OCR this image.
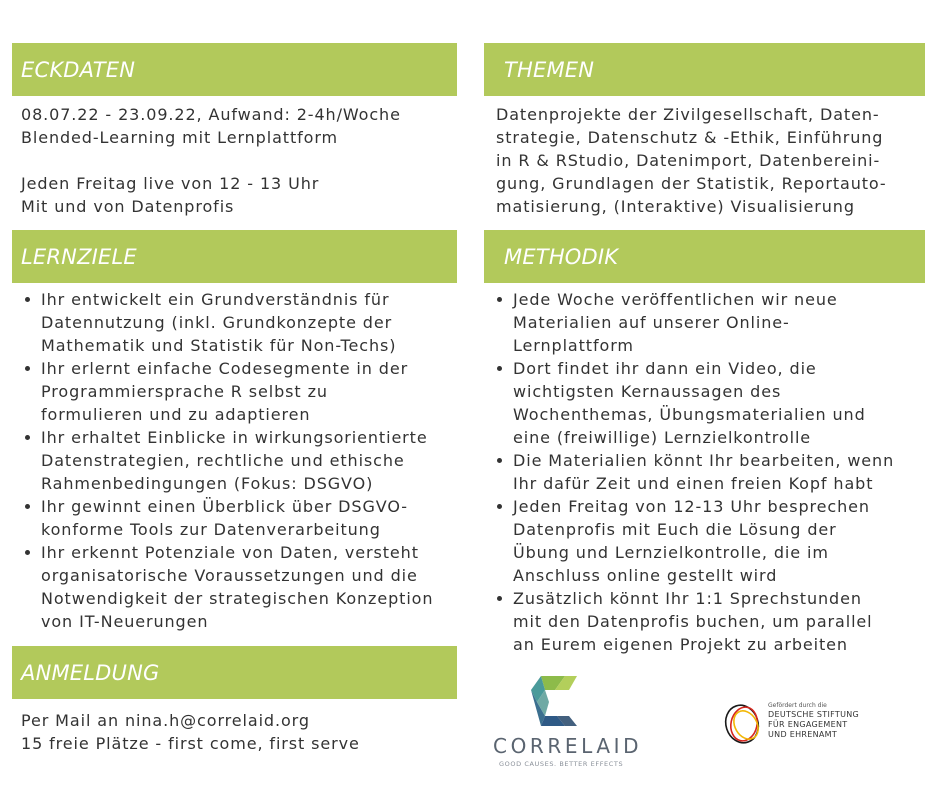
ECKDATEN

08.07.22 - 23.09.22, Aufwand: 2-4h/Woche

Blended-Learning mit Lernplattform

Jeden Freitag live von 12 - 13 Uhr

Mit und von Datenprofis

THEMEN

Datenprojekte der Zivilgesellschaft, Daten-

strategie, Datenschutz & -Ethik, Einführung

in R & RStudio, Datenimport, Datenbereini-

gung, Grundlagen der Statistik, Reportauto-

matisierung, (Interaktive) Visualisierung

LERNZIELE
Ihr entwickelt ein Grundverständnis für
Datennutzung (inkl. Grundkonzepte der
Mathematik und Statistik für Non-Techs)
Ihr erlernt einfache Codesegmente in der
Programmiersprache R selbst zu
formulieren und zu adaptieren
Ihr erhaltet Einblicke in wirkungsorientierte
Datenstrategien, rechtliche und ethische
Rahmenbedingungen (Fokus: DSGVO)
Ihr gewinnt einen Überblick über DSGVO-
konforme Tools zur Datenverarbeitung
Ihr erkennt Potenziale von Daten, versteht
organisatorische Voraussetzungen und die
Notwendigkeit der strategischen Konzeption
von IT-Neuerungen
METHODIK
Jede Woche veröffentlichen wir neue
Materialien auf unserer Online-
Lernplattform
Dort findet ihr dann ein Video, die
wichtigsten Kernaussagen des
Wochenthemas, Übungsmaterialien und
eine (freiwillige) Lernzielkontrolle
Die Materialien könnt Ihr bearbeiten, wenn
Ihr dafür Zeit und einen freien Kopf habt
Jeden Freitag von 12-13 Uhr besprechen
Datenprofis mit Euch die Lösung der
Übung und Lernzielkontrolle, die im
Anschluss online gestellt wird
Zusätzlich könnt Ihr 1:1 Sprechstunden
mit den Datenprofis buchen, um parallel
an Eurem eigenen Projekt zu arbeiten
ANMELDUNG

Per Mail an nina.h@correlaid.org

15 freie Plätze - first come, first serve	CORRELAID
GOOD CAUSES. BETTER EFFECTS
Gefördert durch die
DEUTSCHE STIFTUNG
FÜR ENGAGEMENT
UND EHRENAMT
